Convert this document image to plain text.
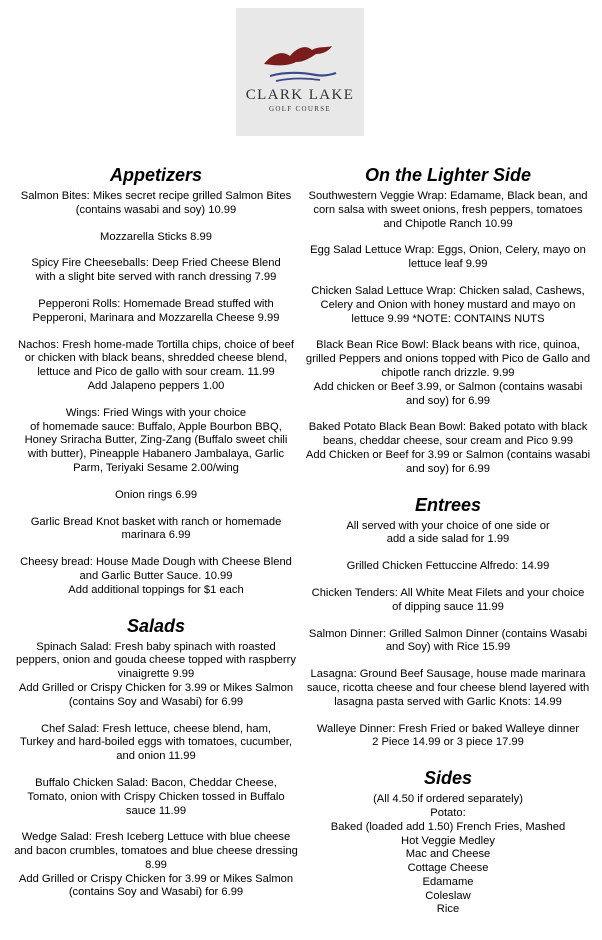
CLARK LAKE
GOLF COURSE
Appetizers
Salmon Bites: Mikes secret recipe grilled Salmon Bites
(contains wasabi and soy) 10.99
Mozzarella Sticks 8.99
Spicy Fire Cheeseballs: Deep Fried Cheese Blend
with a slight bite served with ranch dressing 7.99
Pepperoni Rolls: Homemade Bread stuffed with
Pepperoni, Marinara and Mozzarella Cheese 9.99
Nachos: Fresh home-made Tortilla chips, choice of beef
or chicken with black beans, shredded cheese blend,
lettuce and Pico de gallo with sour cream. 11.99
Add Jalapeno peppers 1.00
Wings: Fried Wings with your choice
of homemade sauce: Buffalo, Apple Bourbon BBQ,
Honey Sriracha Butter, Zing-Zang (Buffalo sweet chili
with butter), Pineapple Habanero Jambalaya, Garlic
Parm, Teriyaki Sesame 2.00/wing
Onion rings 6.99
Garlic Bread Knot basket with ranch or homemade
marinara 6.99
Cheesy bread: House Made Dough with Cheese Blend
and Garlic Butter Sauce. 10.99
Add additional toppings for $1 each
Salads
Spinach Salad: Fresh baby spinach with roasted
peppers, onion and gouda cheese topped with raspberry
vinaigrette 9.99
Add Grilled or Crispy Chicken for 3.99 or Mikes Salmon
(contains Soy and Wasabi) for 6.99
Chef Salad: Fresh lettuce, cheese blend, ham,
Turkey and hard-boiled eggs with tomatoes, cucumber,
and onion 11.99
Buffalo Chicken Salad: Bacon, Cheddar Cheese,
Tomato, onion with Crispy Chicken tossed in Buffalo
sauce 11.99
Wedge Salad: Fresh Iceberg Lettuce with blue cheese
and bacon crumbles, tomatoes and blue cheese dressing
8.99
Add Grilled or Crispy Chicken for 3.99 or Mikes Salmon
(contains Soy and Wasabi) for 6.99
On the Lighter Side
Southwestern Veggie Wrap: Edamame, Black bean, and
corn salsa with sweet onions, fresh peppers, tomatoes
and Chipotle Ranch 10.99
Egg Salad Lettuce Wrap: Eggs, Onion, Celery, mayo on
lettuce leaf 9.99
Chicken Salad Lettuce Wrap: Chicken salad, Cashews,
Celery and Onion with honey mustard and mayo on
lettuce 9.99 *NOTE: CONTAINS NUTS
Black Bean Rice Bowl: Black beans with rice, quinoa,
grilled Peppers and onions topped with Pico de Gallo and
chipotle ranch drizzle. 9.99
Add chicken or Beef 3.99, or Salmon (contains wasabi
and soy) for 6.99
Baked Potato Black Bean Bowl: Baked potato with black
beans, cheddar cheese, sour cream and Pico 9.99
Add Chicken or Beef for 3.99 or Salmon (contains wasabi
and soy) for 6.99
Entrees
All served with your choice of one side or
add a side salad for 1.99
Grilled Chicken Fettuccine Alfredo: 14.99
Chicken Tenders: All White Meat Filets and your choice
of dipping sauce 11.99
Salmon Dinner: Grilled Salmon Dinner (contains Wasabi
and Soy) with Rice 15.99
Lasagna: Ground Beef Sausage, house made marinara
sauce, ricotta cheese and four cheese blend layered with
lasagna pasta served with Garlic Knots: 14.99
Walleye Dinner: Fresh Fried or baked Walleye dinner
2 Piece 14.99 or 3 piece 17.99
Sides
(All 4.50 if ordered separately)
Potato:
Baked (loaded add 1.50) French Fries, Mashed
Hot Veggie Medley
Mac and Cheese
Cottage Cheese
Edamame
Coleslaw
Rice
